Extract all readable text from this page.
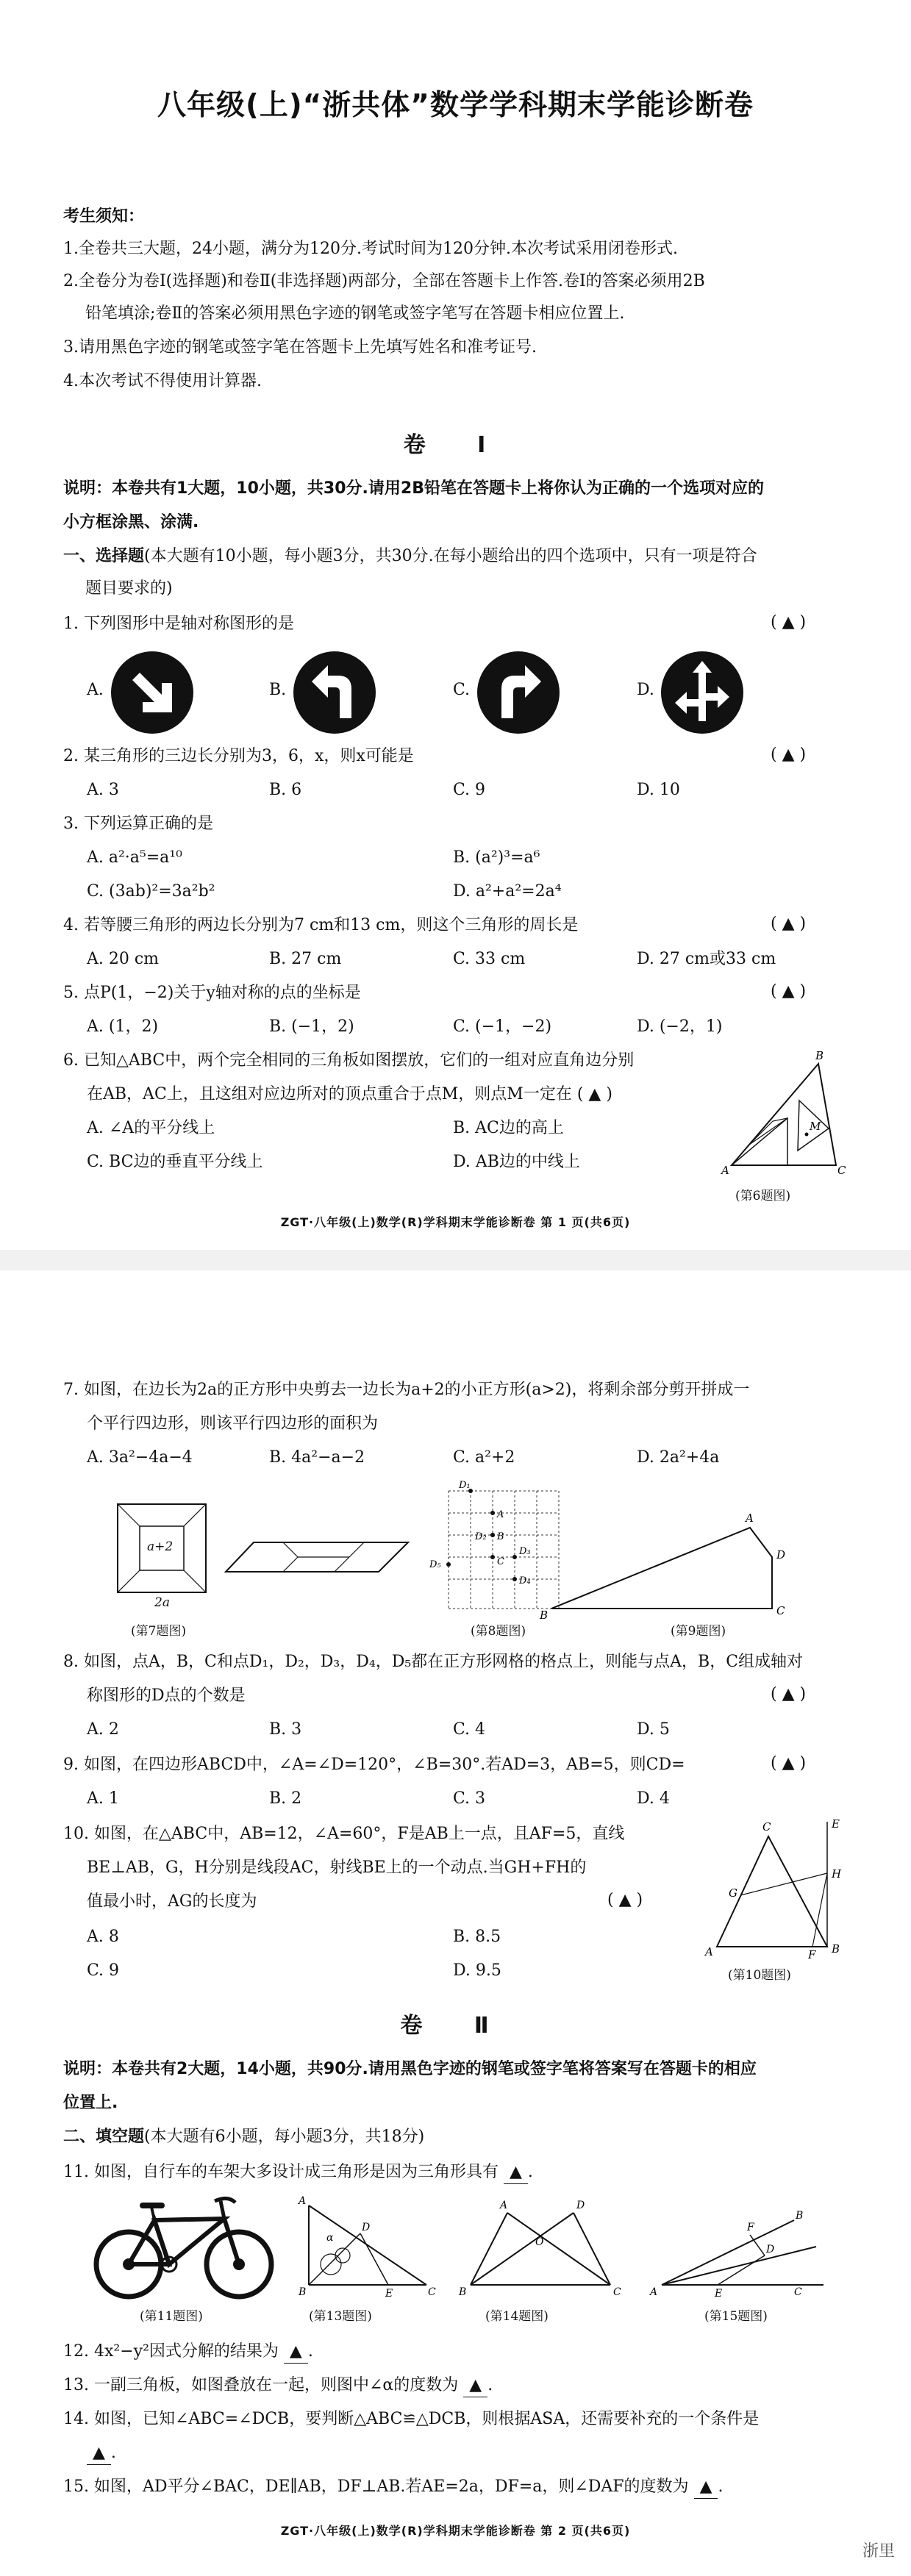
八年级(上)“浙共体”数学学科期末学能诊断卷
考生须知：
1.全卷共三大题，24小题，满分为120分.考试时间为120分钟.本次考试采用闭卷形式.
2.全卷分为卷Ⅰ(选择题)和卷Ⅱ(非选择题)两部分，全部在答题卡上作答.卷Ⅰ的答案必须用2B
铅笔填涂;卷Ⅱ的答案必须用黑色字迹的钢笔或签字笔写在答题卡相应位置上.
3.请用黑色字迹的钢笔或签字笔在答题卡上先填写姓名和准考证号.
4.本次考试不得使用计算器.
卷 Ⅰ
说明：本卷共有1大题，10小题，共30分.请用2B铅笔在答题卡上将你认为正确的一个选项对应的
小方框涂黑、涂满.
一、选择题(本大题有10小题，每小题3分，共30分.在每小题给出的四个选项中，只有一项是符合
题目要求的)
1. 下列图形中是轴对称图形的是	( ▲ )
A.	B.	C.	D.
2. 某三角形的三边长分别为3，6，x，则x可能是	( ▲ )
A. 3	B. 6	C. 9	D. 10
3. 下列运算正确的是
A. a²·a⁵=a¹⁰	B. (a²)³=a⁶
C. (3ab)²=3a²b²	D. a²+a²=2a⁴
4. 若等腰三角形的两边长分别为7 cm和13 cm，则这个三角形的周长是	( ▲ )
A. 20 cm	B. 27 cm	C. 33 cm	D. 27 cm或33 cm
5. 点P(1，−2)关于y轴对称的点的坐标是	( ▲ )
A. (1，2)	B. (−1，2)	C. (−1，−2)	D. (−2，1)
6. 已知△ABC中，两个完全相同的三角板如图摆放，它们的一组对应直角边分别
在AB，AC上，且这组对应边所对的顶点重合于点M，则点M一定在 ( ▲ )
A. ∠A的平分线上	B. AC边的高上
C. BC边的垂直平分线上	D. AB边的中线上	A
B
C
M
(第6题图)
ZGT·八年级(上)数学(R)学科期末学能诊断卷 第 1 页(共6页)
7. 如图，在边长为2a的正方形中央剪去一边长为a+2的小正方形(a>2)，将剩余部分剪开拼成一
个平行四边形，则该平行四边形的面积为
A. 3a²−4a−4	B. 4a²−a−2	C. a²+2	D. 2a²+4a
a+2
2a
(第7题图)
D₁
A
D₂ B
D₃
C
D₄
D₅
(第8题图)
B
A
D
C
(第9题图)
8. 如图，点A，B，C和点D₁，D₂，D₃，D₄，D₅都在正方形网格的格点上，则能与点A，B，C组成轴对
称图形的D点的个数是	( ▲ )
A. 2	B. 3	C. 4	D. 5
9. 如图，在四边形ABCD中，∠A=∠D=120°，∠B=30°.若AD=3，AB=5，则CD=	( ▲ )
A. 1	B. 2	C. 3	D. 4
10. 如图，在△ABC中，AB=12，∠A=60°，F是AB上一点，且AF=5，直线
BE⊥AB，G，H分别是线段AC，射线BE上的一个动点.当GH+FH的
值最小时，AG的长度为	( ▲ )
A. 8	B. 8.5
C. 9	D. 9.5
A
C
B
E
H
G
F
(第10题图)
卷 Ⅱ
说明：本卷共有2大题，14小题，共90分.请用黑色字迹的钢笔或签字笔将答案写在答题卡的相应
位置上.
二、填空题(本大题有6小题，每小题3分，共18分)
11. 如图，自行车的车架大多设计成三角形是因为三角形具有 ▲ .
(第11题图)
A
B	C
E
D
α
(第13题图)
A	D
B	C
O
(第14题图)
A	E	C
B
F
D
(第15题图)
12. 4x²−y²因式分解的结果为 ▲ .
13. 一副三角板，如图叠放在一起，则图中∠α的度数为 ▲ .
14. 如图，已知∠ABC=∠DCB，要判断△ABC≌△DCB，则根据ASA，还需要补充的一个条件是
▲ .
15. 如图，AD平分∠BAC，DE∥AB，DF⊥AB.若AE=2a，DF=a，则∠DAF的度数为 ▲ .
ZGT·八年级(上)数学(R)学科期末学能诊断卷 第 2 页(共6页)
浙里
